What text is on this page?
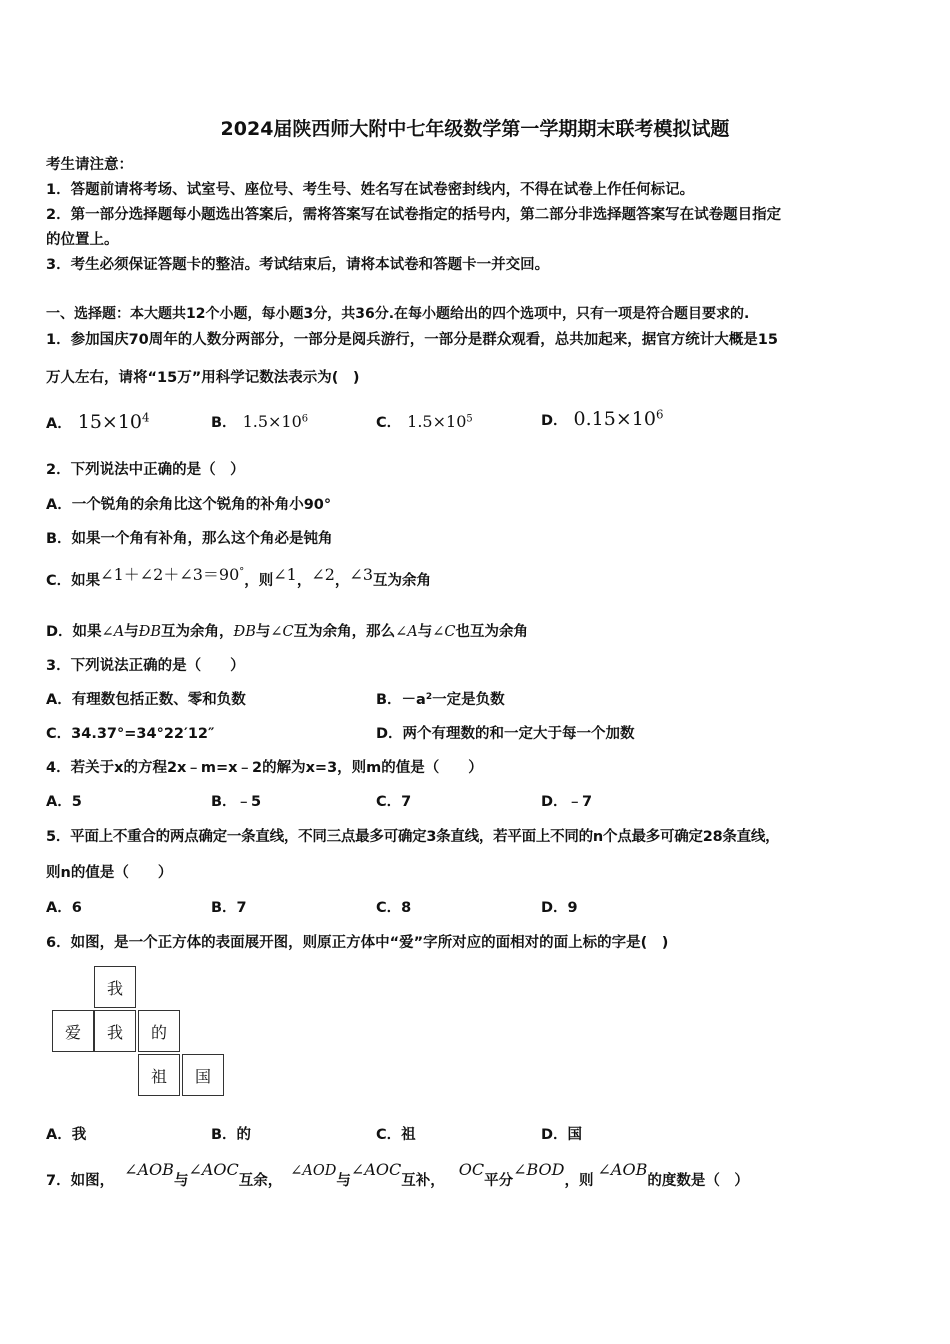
2024届陕西师大附中七年级数学第一学期期末联考模拟试题
考生请注意：
1．答题前请将考场、试室号、座位号、考生号、姓名写在试卷密封线内，不得在试卷上作任何标记。
2．第一部分选择题每小题选出答案后，需将答案写在试卷指定的括号内，第二部分非选择题答案写在试卷题目指定
的位置上。
3．考生必须保证答题卡的整洁。考试结束后，请将本试卷和答题卡一并交回。
一、选择题：本大题共12个小题，每小题3分，共36分.在每小题给出的四个选项中，只有一项是符合题目要求的.
1．参加国庆70周年的人数分两部分，一部分是阅兵游行，一部分是群众观看，总共加起来，据官方统计大概是15
万人左右，请将“15万”用科学记数法表示为(　)
A． $15\times 10^4$	B． $1.5\times 10^6$	C． $1.5\times 10^5$	D． $0.15\times 10^6$
2．下列说法中正确的是（　）
A．一个锐角的余角比这个锐角的补角小90°
B．如果一个角有补角，那么这个角必是钝角
C．如果∠1＋∠2＋∠3＝90°，则∠1，∠2，∠3互为余角
D．如果∠A与ÐB互为余角，ÐB与∠C互为余角，那么∠A与∠C也互为余角
3．下列说法正确的是（　　）
A．有理数包括正数、零和负数	B．$-a^2$一定是负数
C．34.37°=34°22′12″	D．两个有理数的和一定大于每一个加数
4．若关于x的方程2x﹣m=x﹣2的解为x=3，则m的值是（　　）
A．5	B．﹣5	C．7	D．﹣7
5．平面上不重合的两点确定一条直线，不同三点最多可确定3条直线，若平面上不同的n个点最多可确定28条直线，
则n的值是（　　）
A．6	B．7	C．8	D．9
6．如图，是一个正方体的表面展开图，则原正方体中“爱”字所对应的面相对的面上标的字是(　)
我
爱	我	的
祖	国
A．我	B．的	C．祖	D．国
7．如图，∠AOB与∠AOC互余，∠AOD与∠AOC互补，OC平分∠BOD，则∠AOB的度数是（　）
